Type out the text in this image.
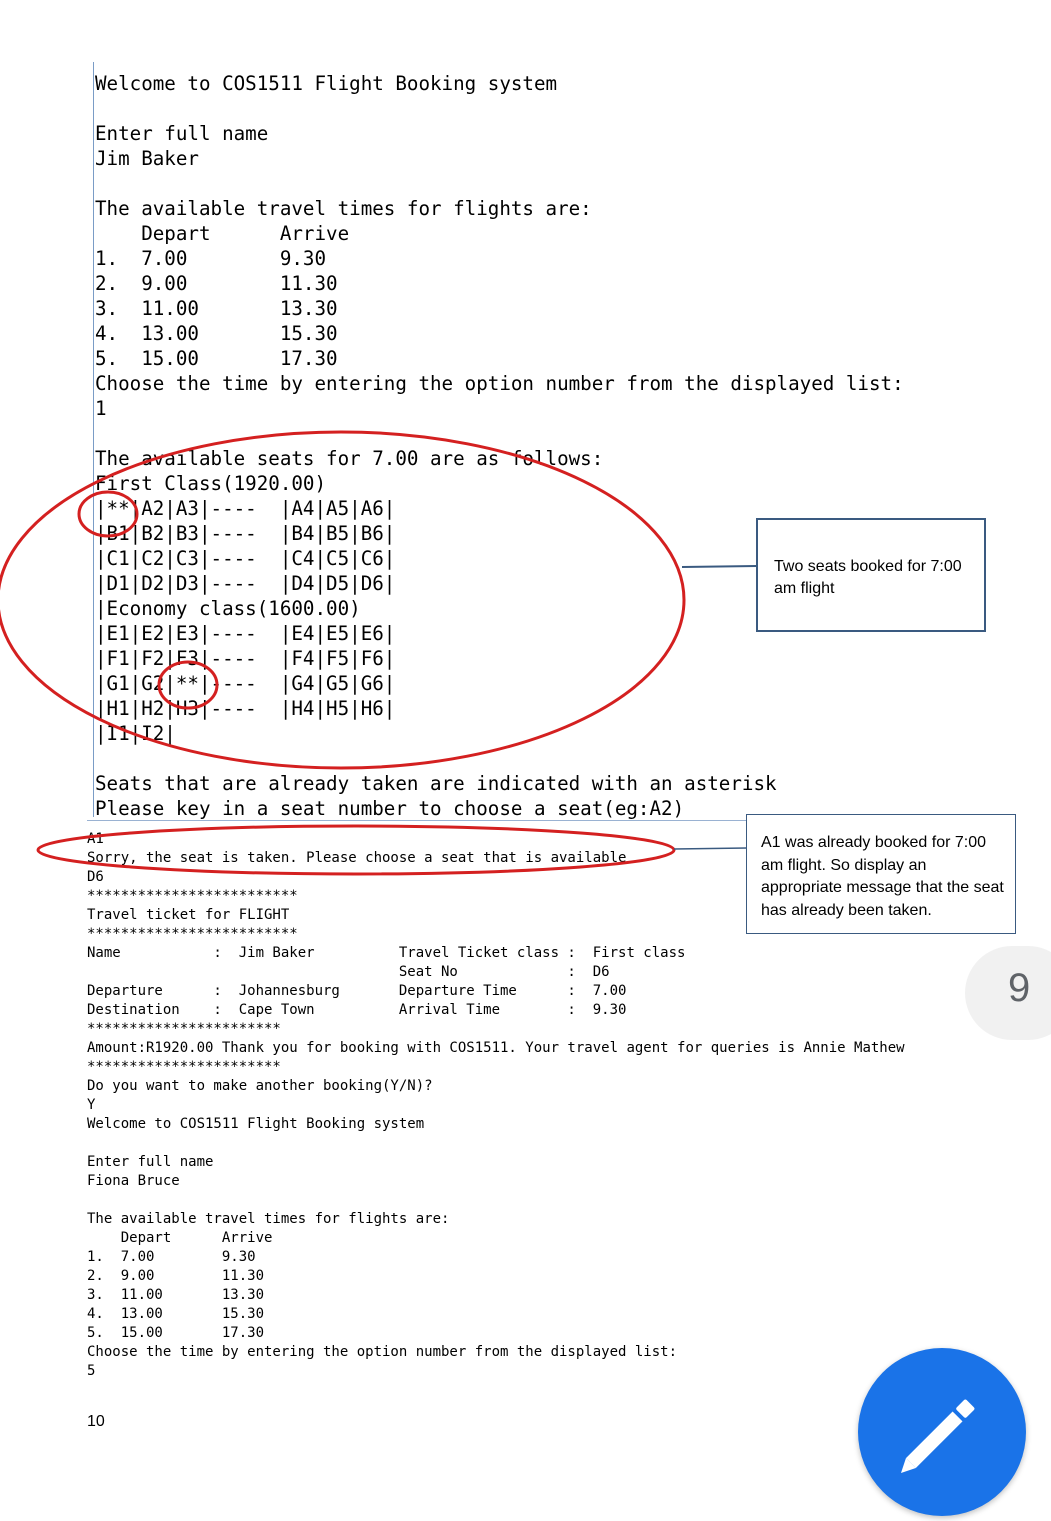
Welcome to COS1511 Flight Booking system
Enter full name
Jim Baker
The available travel times for flights are:
Depart      Arrive
1.  7.00        9.30
2.  9.00        11.30
3.  11.00       13.30
4.  13.00       15.30
5.  15.00       17.30
Choose the time by entering the option number from the displayed list:
1
The available seats for 7.00 are as follows:
First Class(1920.00)
|**|A2|A3|----  |A4|A5|A6|
|B1|B2|B3|----  |B4|B5|B6|
|C1|C2|C3|----  |C4|C5|C6|
|D1|D2|D3|----  |D4|D5|D6|
|Economy class(1600.00)
|E1|E2|E3|----  |E4|E5|E6|
|F1|F2|F3|----  |F4|F5|F6|
|G1|G2|**|----  |G4|G5|G6|
|H1|H2|H3|----  |H4|H5|H6|
|I1|I2|
Seats that are already taken are indicated with an asterisk
Please key in a seat number to choose a seat(eg:A2)
A1
Sorry, the seat is taken. Please choose a seat that is available
D6
*************************
Travel ticket for FLIGHT
*************************
Name           :  Jim Baker          Travel Ticket class :  First class
Seat No             :  D6
Departure      :  Johannesburg       Departure Time      :  7.00
Destination    :  Cape Town          Arrival Time        :  9.30
***********************
Amount:R1920.00 Thank you for booking with COS1511. Your travel agent for queries is Annie Mathew
***********************
Do you want to make another booking(Y/N)?
Y
Welcome to COS1511 Flight Booking system
Enter full name
Fiona Bruce
The available travel times for flights are:
Depart      Arrive
1.  7.00        9.30
2.  9.00        11.30
3.  11.00       13.30
4.  13.00       15.30
5.  15.00       17.30
Choose the time by entering the option number from the displayed list:
5
Two seats booked for 7:00 am flight
A1 was already booked for 7:00 am flight. So display an appropriate message that the seat has already been taken.
9
10
